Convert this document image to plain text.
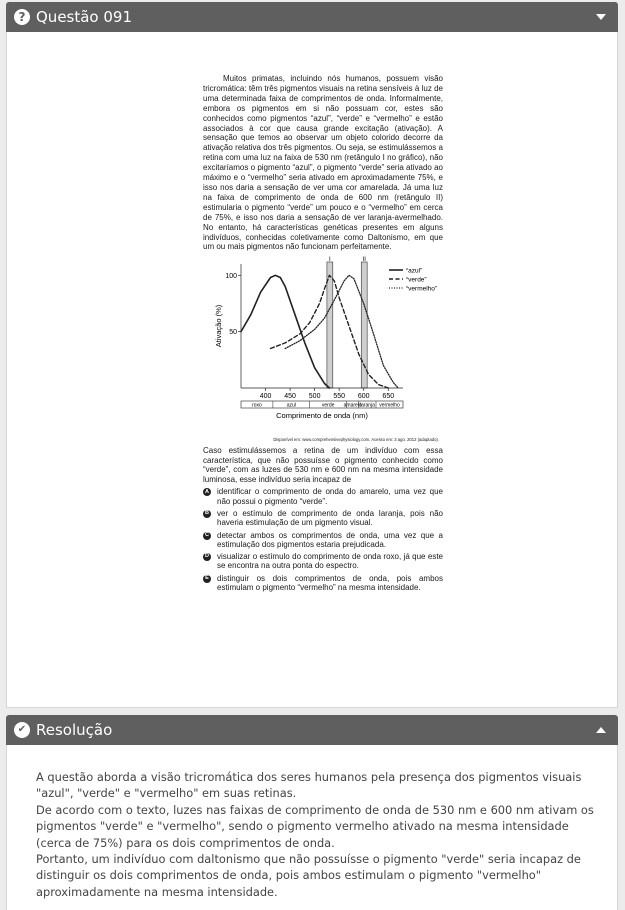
? Questão 091

Muitos primatas, incluindo nós humanos, possuem visão tricromática: têm três pigmentos visuais na retina sensíveis à luz de uma determinada faixa de comprimentos de onda. Informalmente, embora os pigmentos em si não possuam cor, estes são conhecidos como pigmentos “azul”, “verde” e “vermelho” e estão associados à cor que causa grande excitação (ativação). A sensação que temos ao observar um objeto colorido decorre da ativação relativa dos três pigmentos. Ou seja, se estimulássemos a retina com uma luz na faixa de 530 nm (retângulo I no gráfico), não excitaríamos o pigmento “azul”, o pigmento “verde” seria ativado ao máximo e o “vermelho” seria ativado em aproximadamente 75%, e isso nos daria a sensação de ver uma cor amarelada. Já uma luz na faixa de comprimento de onda de 600 nm (retângulo II) estimularia o pigmento “verde” um pouco e o “vermelho” em cerca de 75%, e isso nos daria a sensação de ver laranja-avermelhado. No entanto, há características genéticas presentes em alguns indivíduos, conhecidas coletivamente como Daltonismo, em que um ou mais pigmentos não funcionam perfeitamente.

I	II
50
100
400 450 500 550 600 650
roxo	azul	verde amarelo
laranja vermelho
Comprimento de onda (nm)
Ativação (%)
“azul”
“verde”
“vermelho”

Disponível em: www.comprehensivephysiology.com. Acesso em: 3 ago. 2012 (adaptado).

Caso estimulássemos a retina de um indivíduo com essa característica, que não possuísse o pigmento conhecido como “verde”, com as luzes de 530 nm e 600 nm na mesma intensidade luminosa, esse indivíduo seria incapaz de

A identificar o comprimento de onda do amarelo, uma vez que não possui o pigmento “verde”.
B ver o estímulo de comprimento de onda laranja, pois não haveria estimulação de um pigmento visual.
C detectar ambos os comprimentos de onda, uma vez que a estimulação dos pigmentos estaria prejudicada.
D visualizar o estímulo do comprimento de onda roxo, já que este se encontra na outra ponta do espectro.
E distinguir os dois comprimentos de onda, pois ambos estimulam o pigmento “vermelho” na mesma intensidade.
✔ Resolução

A questão aborda a visão tricromática dos seres humanos pela presença dos pigmentos visuais "azul", "verde" e "vermelho" em suas retinas.

De acordo com o texto, luzes nas faixas de comprimento de onda de 530 nm e 600 nm ativam os pigmentos "verde" e "vermelho", sendo o pigmento vermelho ativado na mesma intensidade (cerca de 75%) para os dois comprimentos de onda.

Portanto, um indivíduo com daltonismo que não possuísse o pigmento "verde" seria incapaz de distinguir os dois comprimentos de onda, pois ambos estimulam o pigmento "vermelho" aproximadamente na mesma intensidade.
